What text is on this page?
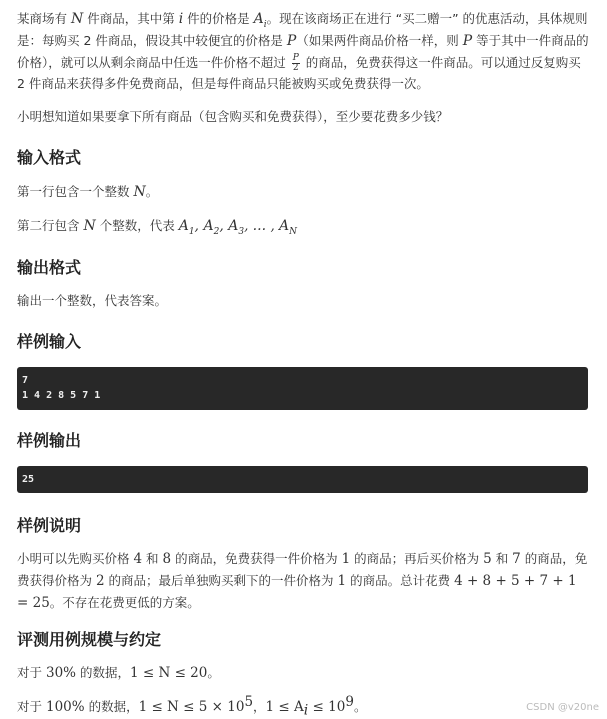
某商场有 N 件商品，其中第 i 件的价格是 $A_i$。现在该商场正在进行 “买二赠一” 的优惠活动，具体规则是：每购买 2 件商品，假设其中较便宜的价格是 P（如果两件商品价格一样，则 P 等于其中一件商品的价格），就可以从剩余商品中任选一件价格不超过 $\frac{P}{2}$ 的商品，免费获得这一件商品。可以通过反复购买 2 件商品来获得多件免费商品，但是每件商品只能被购买或免费获得一次。

小明想知道如果要拿下所有商品（包含购买和免费获得），至少要花费多少钱？

输入格式

第一行包含一个整数 N。

第二行包含 N 个整数，代表 $A_1$, $A_2$, $A_3$, … , $A_N$

输出格式

输出一个整数，代表答案。

样例输入
7
1 4 2 8 5 7 1
样例输出
25
样例说明

小明可以先购买价格 4 和 8 的商品，免费获得一件价格为 1 的商品；再后买价格为 5 和 7 的商品，免费获得价格为 2 的商品；最后单独购买剩下的一件价格为 1 的商品。总计花费 4 + 8 + 5 + 7 + 1 = 25。不存在花费更低的方案。

评测用例规模与约定

对于 30% 的数据，1 ≤ N ≤ 20。

对于 100% 的数据，$1 \le N \le 5 \times 10^5$，$1 \le A_i \le 10^9$。	CSDN @v20ne
